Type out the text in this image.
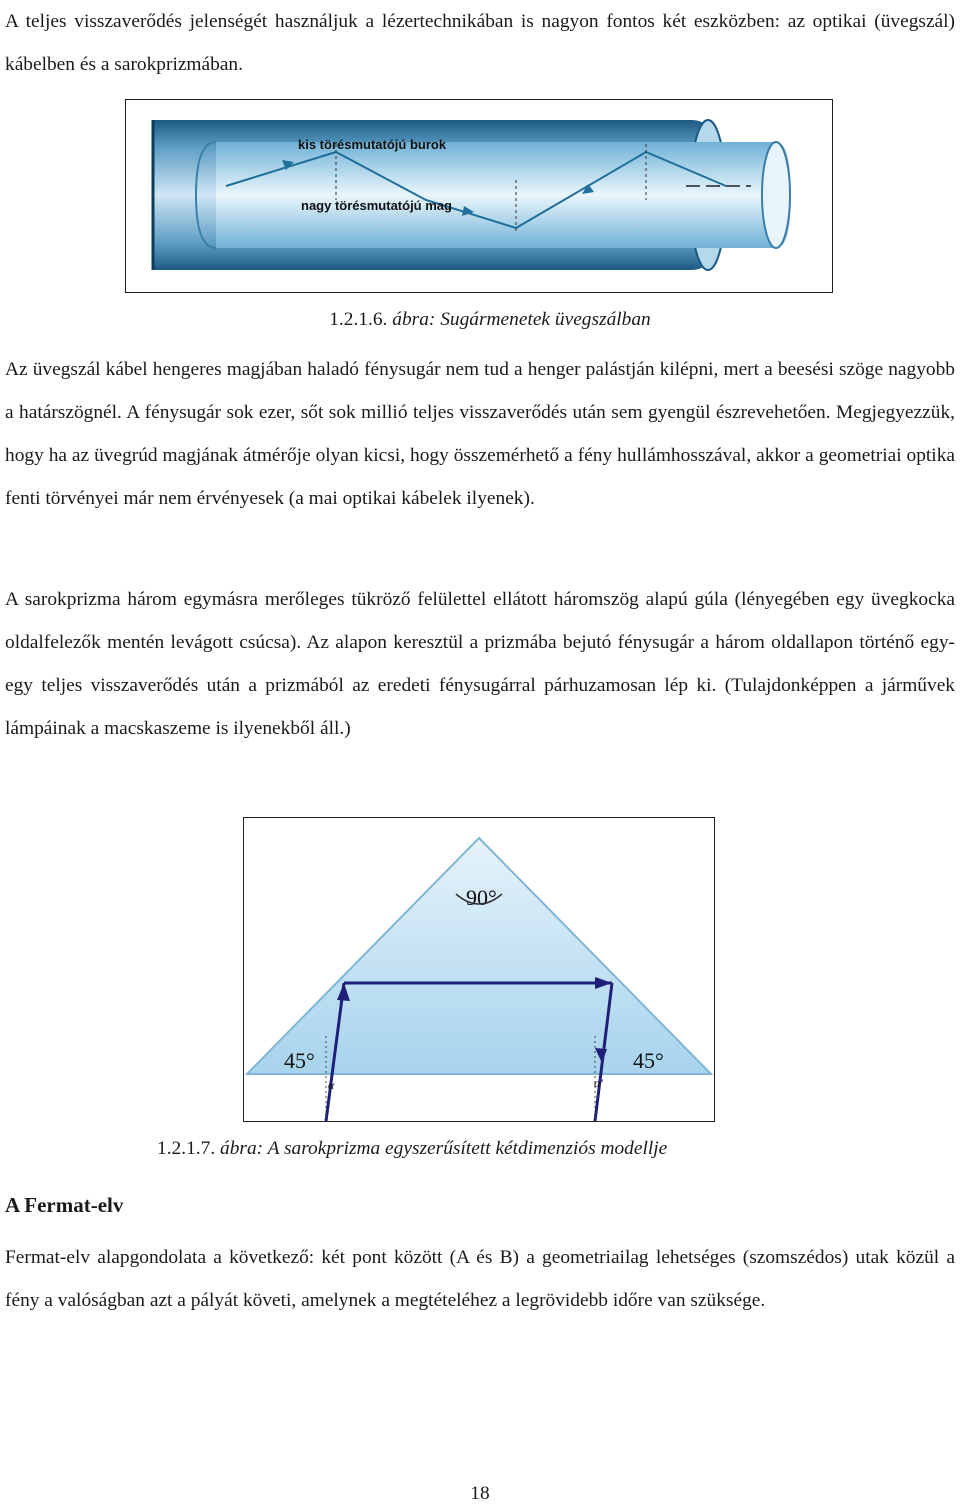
A teljes visszaverődés jelenségét használjuk a lézertechnikában is nagyon fontos két eszközben: az optikai (üvegszál) kábelben és a sarokprizmában.

kis törésmutatójú burok
nagy törésmutatójú mag
1.2.1.6. ábra: Sugármenetek üvegszálban

Az üvegszál kábel hengeres magjában haladó fénysugár nem tud a henger palástján kilépni, mert a beesési szöge nagyobb a határszögnél. A fénysugár sok ezer, sőt sok millió teljes visszaverődés után sem gyengül észrevehetően. Megjegyezzük, hogy ha az üvegrúd magjának átmérője olyan kicsi, hogy összemérhető a fény hullámhosszával, akkor a geometriai optika fenti törvényei már nem érvényesek (a mai optikai kábelek ilyenek).

A sarokprizma három egymásra merőleges tükröző felülettel ellátott háromszög alapú gúla (lényegében egy üvegkocka oldalfelezők mentén levágott csúcsa). Az alapon keresztül a prizmába bejutó fénysugár a három oldallapon történő egy-egy teljes visszaverődés után a prizmából az eredeti fénysugárral párhuzamosan lép ki. (Tulajdonképpen a járművek lámpáinak a macskaszeme is ilyenekből áll.)

90°
45°	45°
α	α'
1.2.1.7. ábra: A sarokprizma egyszerűsített kétdimenziós modellje
A Fermat-elv

Fermat-elv alapgondolata a következő: két pont között (A és B) a geometriailag lehetséges (szomszédos) utak közül a fény a valóságban azt a pályát követi, amelynek a megtételéhez a legrövidebb időre van szüksége.

18
